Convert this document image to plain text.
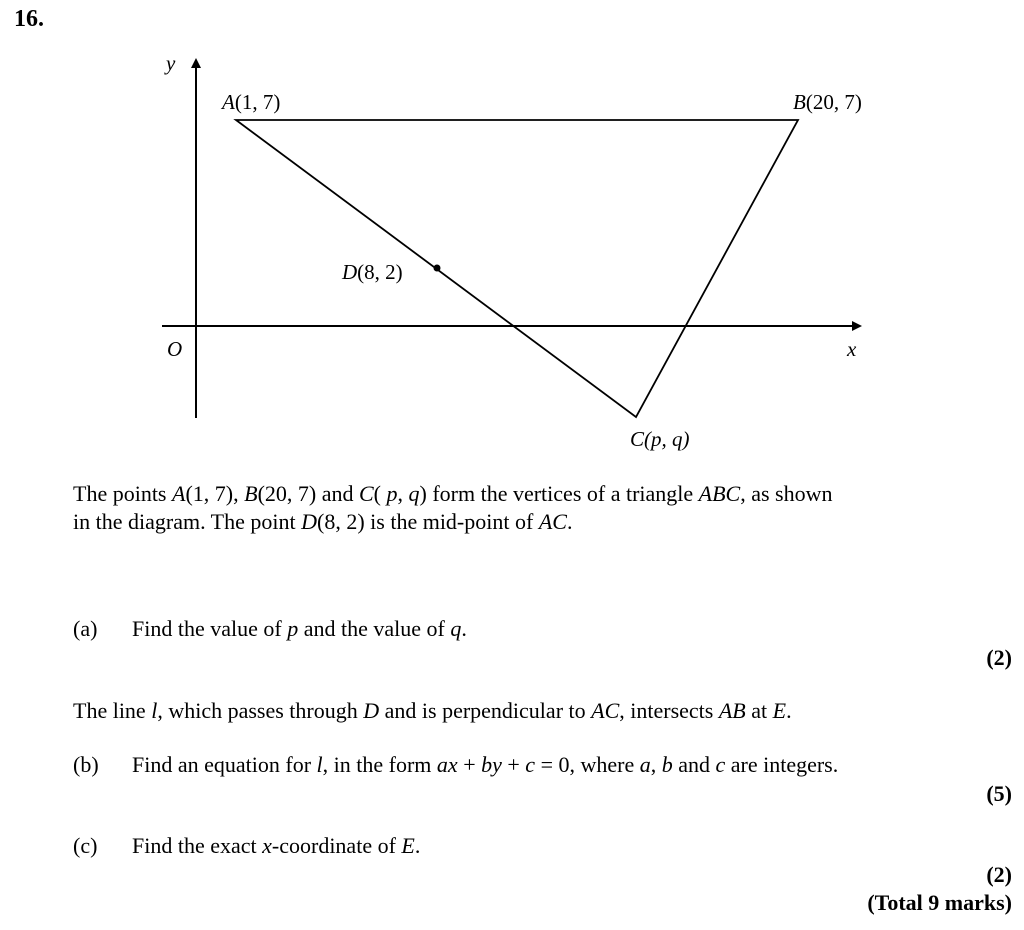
16.
y
x
O
A(1, 7)	B(20, 7)
C(p, q)
D(8, 2)
The points A(1, 7), B(20, 7) and C( p, q) form the vertices of a triangle ABC, as shown
in the diagram. The point D(8, 2) is the mid-point of AC.
(a) Find the value of p and the value of q.
(2)
The line l, which passes through D and is perpendicular to AC, intersects AB at E.
(b) Find an equation for l, in the form ax + by + c = 0, where a, b and c are integers.
(5)
(c) Find the exact x-coordinate of E.
(2)
(Total 9 marks)
